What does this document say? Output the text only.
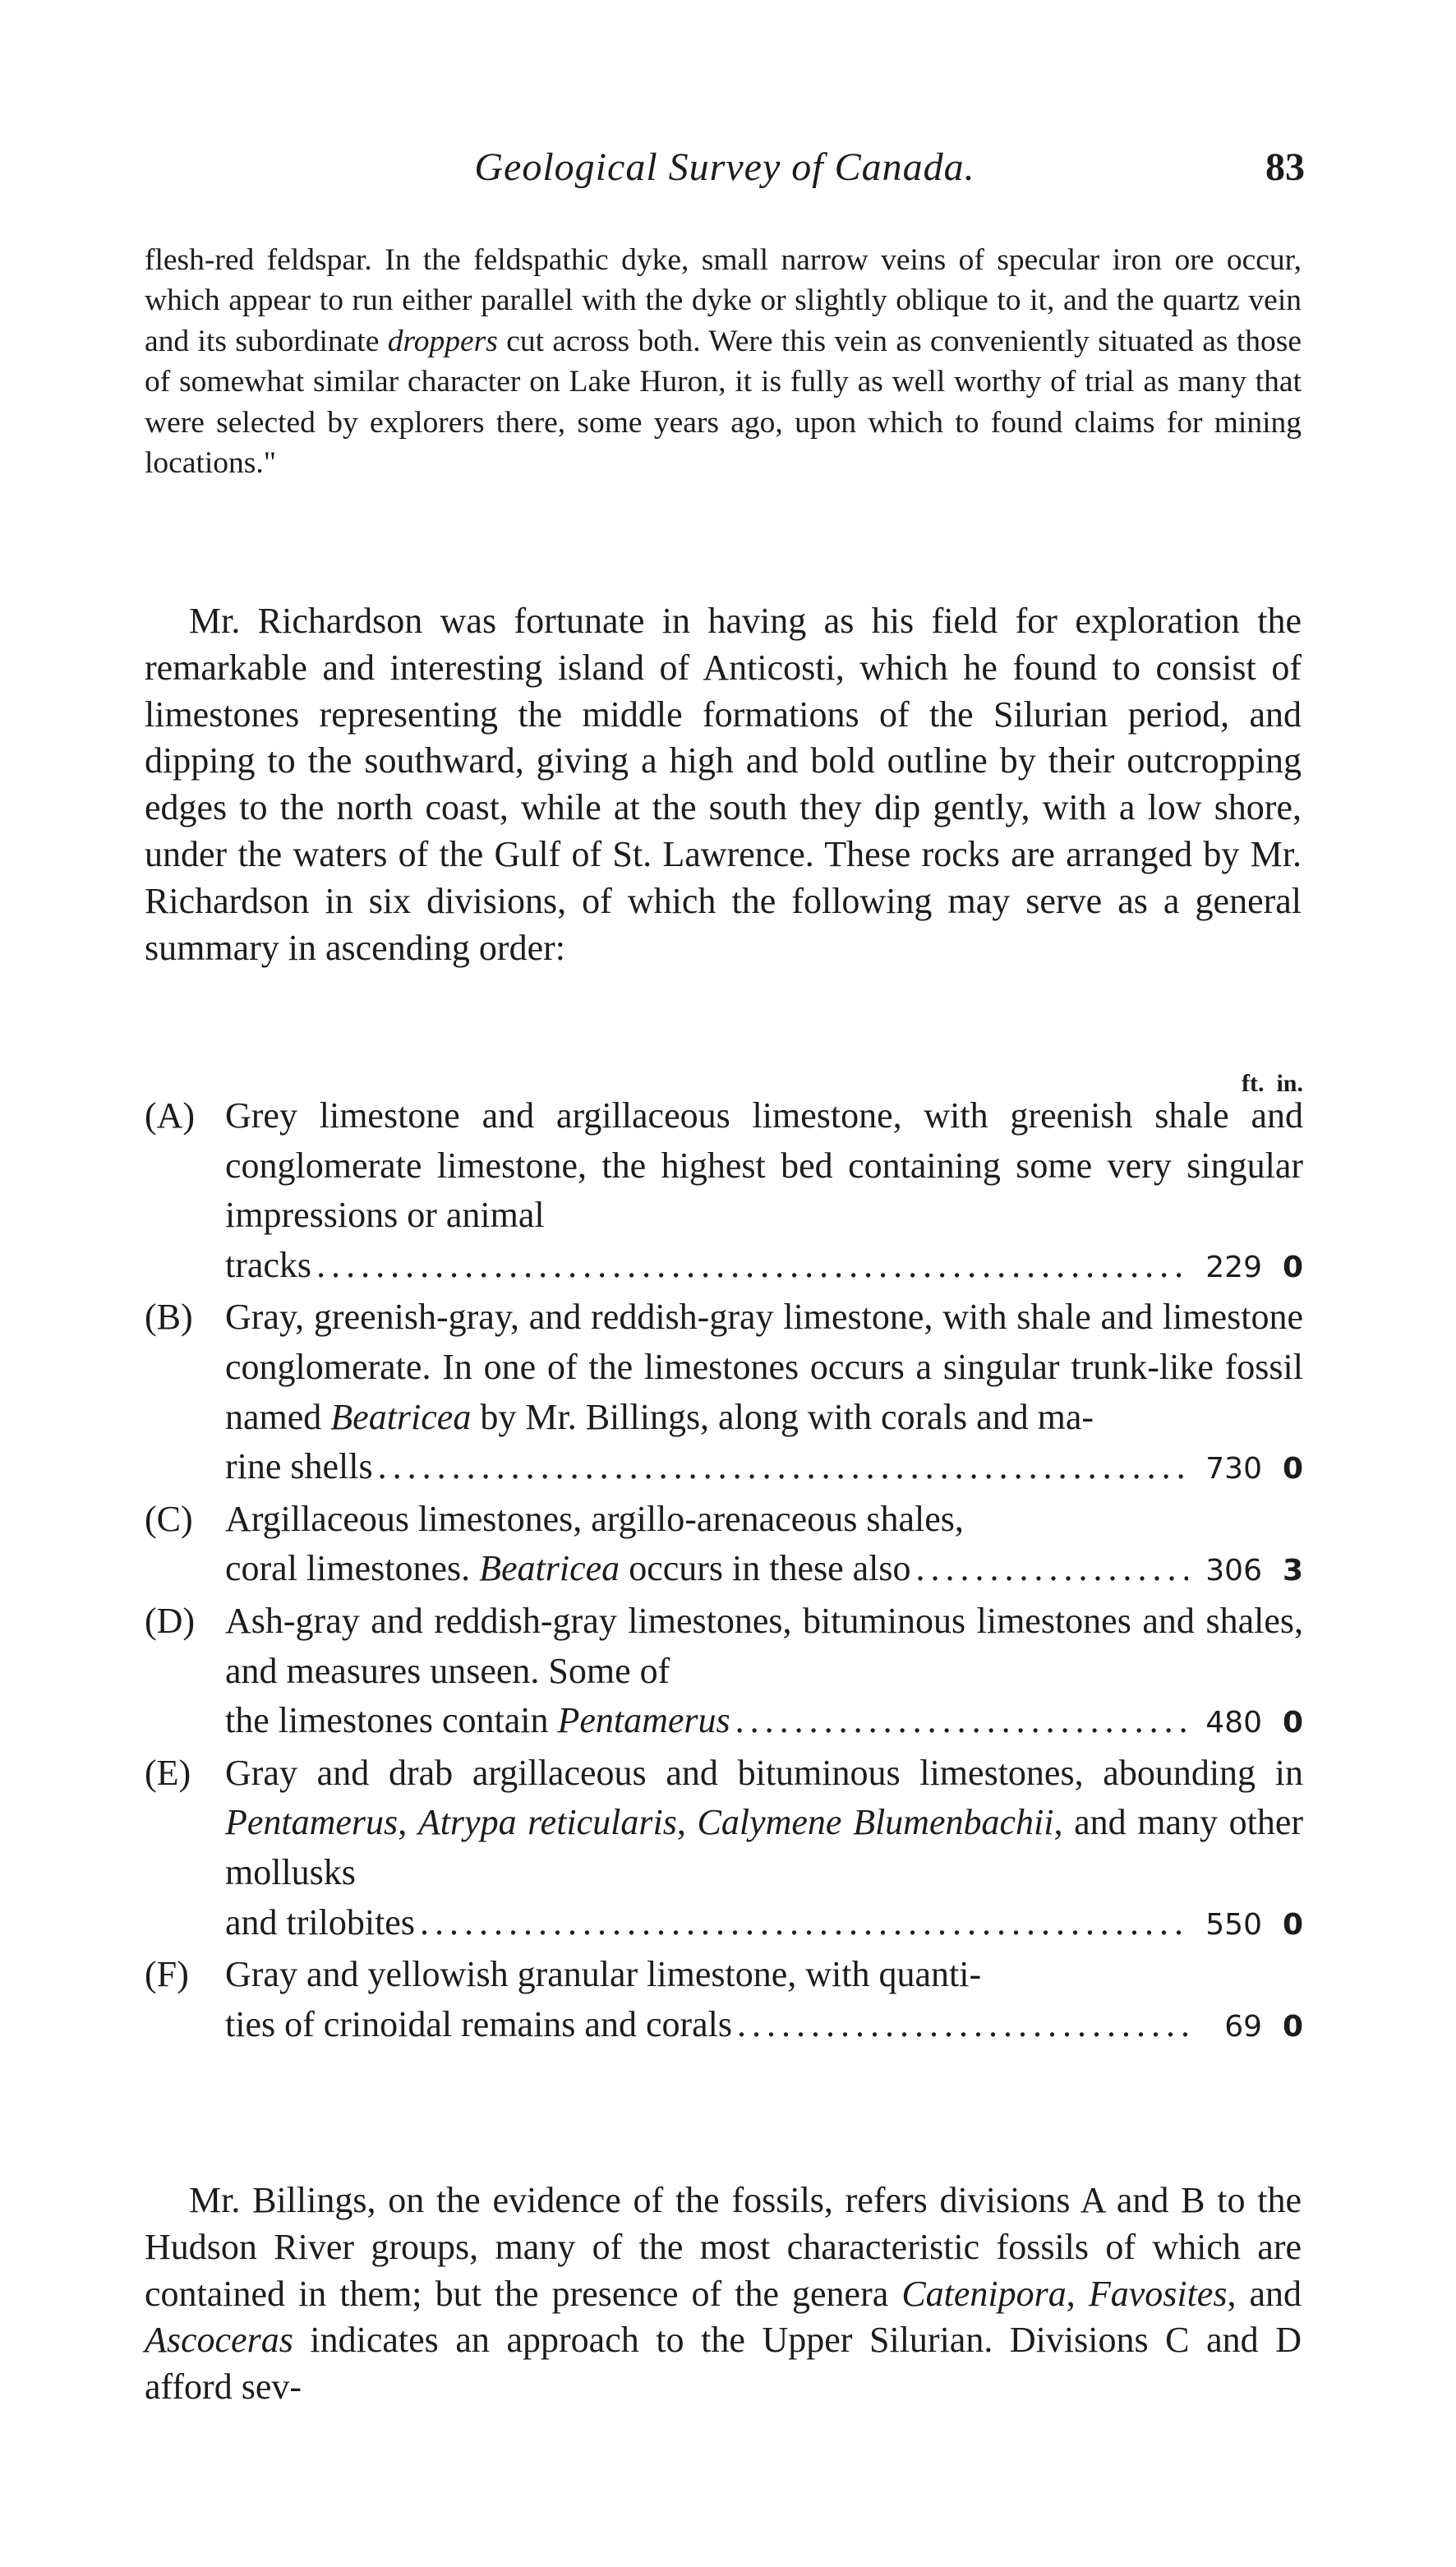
Geological Survey of Canada.	83
flesh-red feldspar. In the feldspathic dyke, small narrow veins of specular iron ore occur, which appear to run either parallel with the dyke or slightly oblique to it, and the quartz vein and its subordinate droppers cut across both. Were this vein as conveniently situated as those of somewhat similar character on Lake Huron, it is fully as well worthy of trial as many that were selected by explorers there, some years ago, upon which to found claims for mining locations."
Mr. Richardson was fortunate in having as his field for exploration the remarkable and interesting island of Anticosti, which he found to consist of limestones representing the middle formations of the Silurian period, and dipping to the southward, giving a high and bold outline by their outcropping edges to the north coast, while at the south they dip gently, with a low shore, under the waters of the Gulf of St. Lawrence. These rocks are arranged by Mr. Richardson in six divisions, of which the following may serve as a general summary in ascending order:
ft. in.
(A) Grey limestone and argillaceous limestone, with greenish shale and conglomerate limestone, the highest bed containing some very singular impressions or animal
tracks . . .	229 0
(B) Gray, greenish-gray, and reddish-gray limestone, with shale and limestone conglomerate. In one of the limestones occurs a singular trunk-like fossil named Beatricea by Mr. Billings, along with corals and ma-
rine shells . . .	730 0
(C) Argillaceous limestones, argillo-arenaceous shales,
coral limestones. Beatricea occurs in these also . . .	306 3
(D) Ash-gray and reddish-gray limestones, bituminous limestones and shales, and measures unseen. Some of
the limestones contain Pentamerus . . .	480 0
(E) Gray and drab argillaceous and bituminous limestones, abounding in Pentamerus, Atrypa reticularis, Calymene Blumenbachii, and many other mollusks
and trilobites . . .	550 0
(F) Gray and yellowish granular limestone, with quanti-
ties of crinoidal remains and corals . . .	69 0
Mr. Billings, on the evidence of the fossils, refers divisions A and B to the Hudson River groups, many of the most characteristic fossils of which are contained in them; but the presence of the genera Catenipora, Favosites, and Ascoceras indicates an approach to the Upper Silurian. Divisions C and D afford sev-
